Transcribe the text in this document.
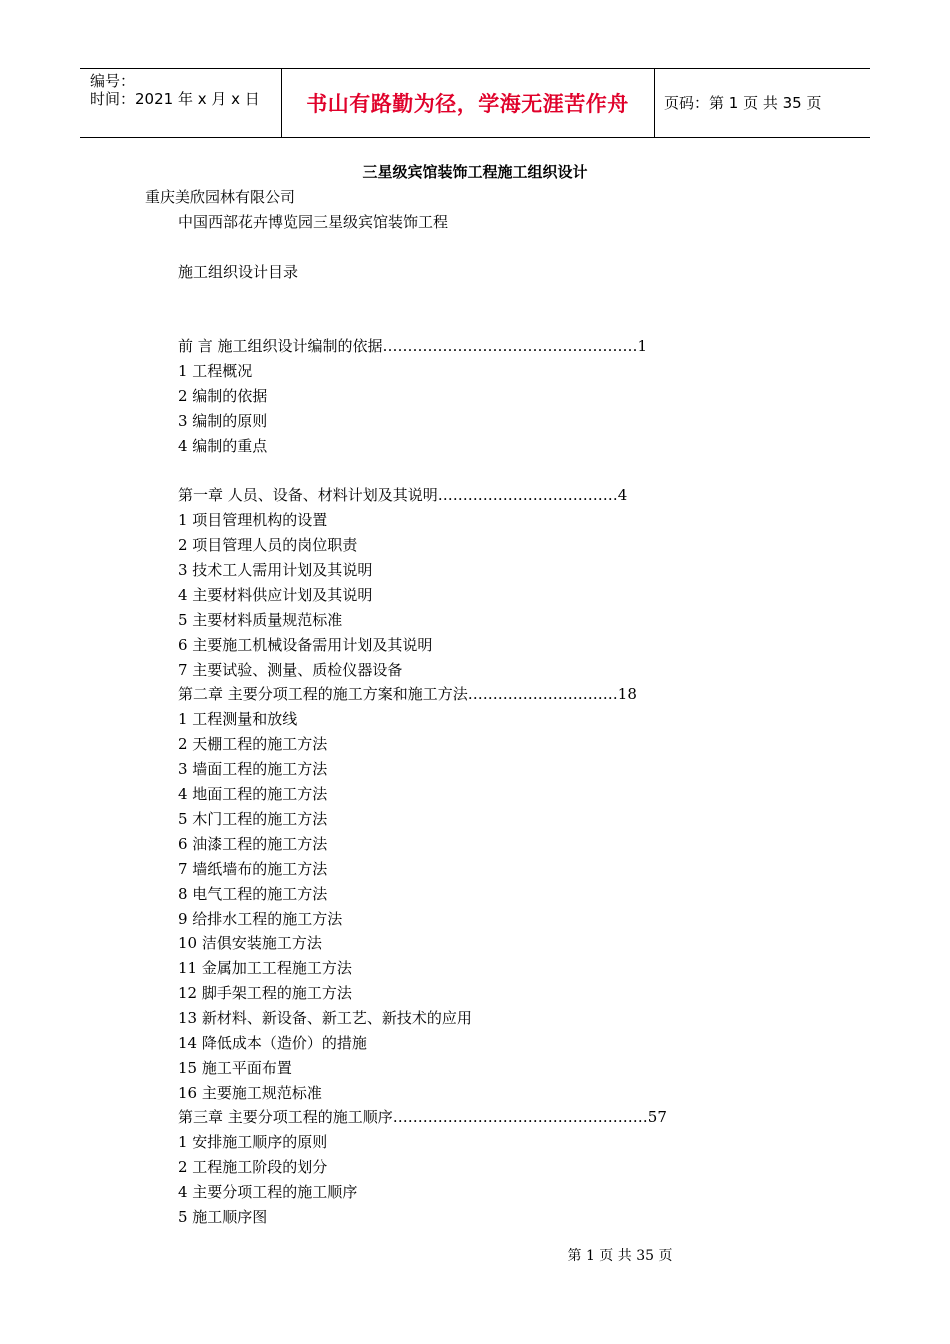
编号：
时间：2021 年 x 月 x 日	书山有路勤为径，学海无涯苦作舟	页码：第 1 页 共 35 页
三星级宾馆装饰工程施工组织设计
重庆美欣园林有限公司
中国西部花卉博览园三星级宾馆装饰工程
施工组织设计目录
前 言 施工组织设计编制的依据……………………………………………1
1 工程概况
2 编制的依据
3 编制的原则
4 编制的重点
第一章 人员、设备、材料计划及其说明………………………………4
1 项目管理机构的设置
2 项目管理人员的岗位职责
3 技术工人需用计划及其说明
4 主要材料供应计划及其说明
5 主要材料质量规范标准
6 主要施工机械设备需用计划及其说明
7 主要试验、测量、质检仪器设备
第二章 主要分项工程的施工方案和施工方法…………………………18
1 工程测量和放线
2 天棚工程的施工方法
3 墙面工程的施工方法
4 地面工程的施工方法
5 木门工程的施工方法
6 油漆工程的施工方法
7 墙纸墙布的施工方法
8 电气工程的施工方法
9 给排水工程的施工方法
10 洁俱安装施工方法
11 金属加工工程施工方法
12 脚手架工程的施工方法
13 新材料、新设备、新工艺、新技术的应用
14 降低成本（造价）的措施
15 施工平面布置
16 主要施工规范标准
第三章 主要分项工程的施工顺序……………………………………………57
1 安排施工顺序的原则
2 工程施工阶段的划分
4 主要分项工程的施工顺序
5 施工顺序图
第 1 页 共 35 页
